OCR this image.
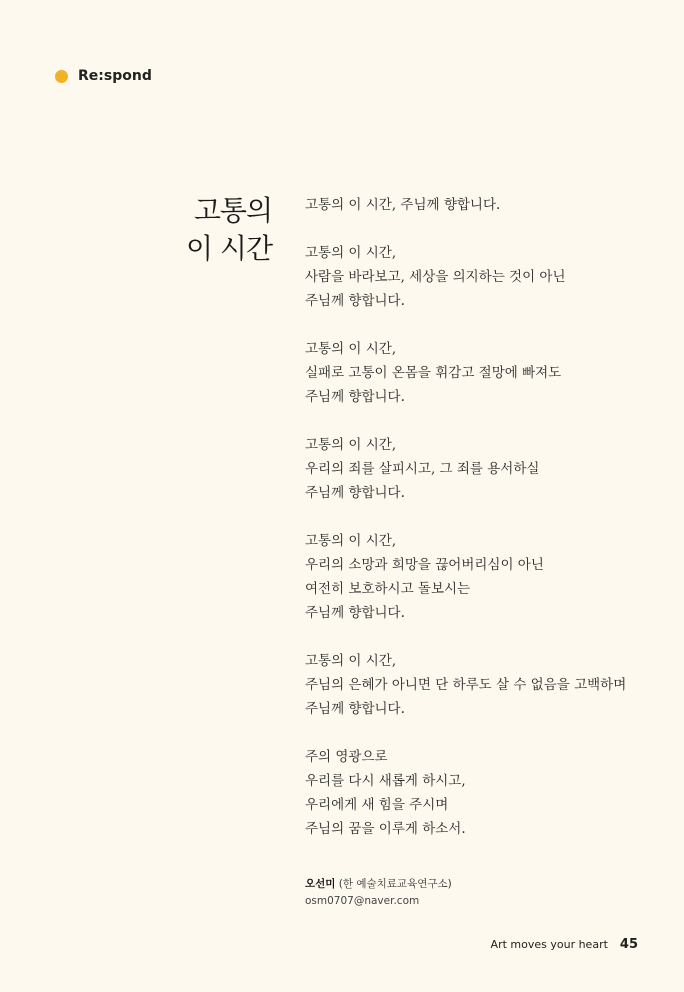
Re:spond
고통의
이 시간
고통의 이 시간, 주님께 향합니다.
고통의 이 시간,
사람을 바라보고, 세상을 의지하는 것이 아닌
주님께 향합니다.
고통의 이 시간,
실패로 고통이 온몸을 휘감고 절망에 빠져도
주님께 향합니다.
고통의 이 시간,
우리의 죄를 살피시고, 그 죄를 용서하실
주님께 향합니다.
고통의 이 시간,
우리의 소망과 희망을 끊어버리심이 아닌
여전히 보호하시고 돌보시는
주님께 향합니다.
고통의 이 시간,
주님의 은혜가 아니면 단 하루도 살 수 없음을 고백하며
주님께 향합니다.
주의 영광으로
우리를 다시 새롭게 하시고,
우리에게 새 힘을 주시며
주님의 꿈을 이루게 하소서.
오선미 (한 예술치료교육연구소)
osm0707@naver.com
Art moves your heart 45
